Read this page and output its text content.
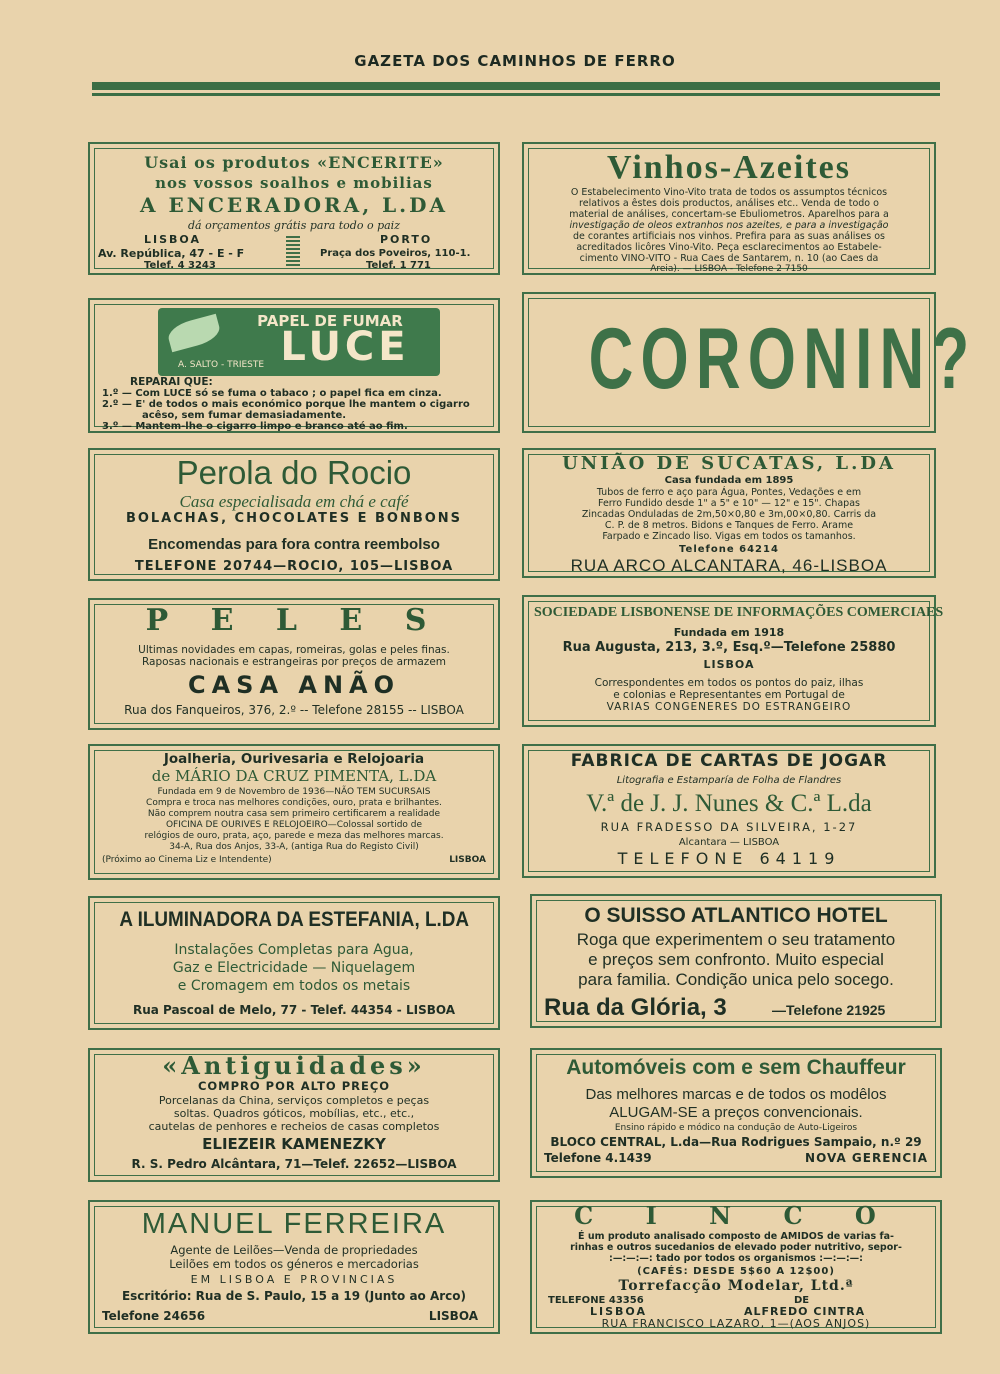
GAZETA DOS CAMINHOS DE FERRO
Usai os produtos «ENCERITE»
nos vossos soalhos e mobilias
A ENCERADORA, L.DA
dá orçamentos grátis para todo o paiz
LISBOA	PORTO
Av. República, 47 - E - F	Praça dos Poveiros, 110-1.
Telef. 4 3243	Telef. 1 771
Vinhos-Azeites
O Estabelecimento Vino-Vito trata de todos os assumptos técnicos
relativos a êstes dois productos, análises etc.. Venda de todo o
material de análises, concertam-se Ebuliometros. Aparelhos para a
investigação de oleos extranhos nos azeites, e para a investigação
de corantes artificiais nos vinhos. Prefira para as suas análises os
acreditados licôres Vino-Vito. Peça esclarecimentos ao Estabele-
cimento VINO-VITO - Rua Caes de Santarem, n. 10 (ao Caes da
Areia). — LISBOA - Telefone 2 7150
PAPEL DE FUMAR
LUCE
A. SALTO - TRIESTE
REPARAI QUE:
1.º — Com LUCE só se fuma o tabaco ; o papel fica em cinza.
2.º — E' de todos o mais económico porque lhe mantem o cigarro
acêso, sem fumar demasiadamente.
3.º — Mantem-lhe o cigarro limpo e branco até ao fim.
CORONIN?
Perola do Rocio
Casa especialisada em chá e café
BOLACHAS, CHOCOLATES E BONBONS
Encomendas para fora contra reembolso
TELEFONE 20744—ROCIO, 105—LISBOA
UNIÃO DE SUCATAS, L.DA
Casa fundada em 1895
Tubos de ferro e aço para Água, Pontes, Vedações e em
Ferro Fundido desde 1" a 5" e 10" — 12" e 15". Chapas
Zincadas Onduladas de 2m,50×0,80 e 3m,00×0,80. Carris da
C. P. de 8 metros. Bidons e Tanques de Ferro. Arame
Farpado e Zincado liso. Vigas em todos os tamanhos.
Telefone 64214
RUA ARCO ALCANTARA, 46-LISBOA
P E L E S
Ultimas novidades em capas, romeiras, golas e peles finas.
Raposas nacionais e estrangeiras por preços de armazem
CASA ANÃO
Rua dos Fanqueiros, 376, 2.º -- Telefone 28155 -- LISBOA
SOCIEDADE LISBONENSE DE INFORMAÇÕES COMERCIAES
Fundada em 1918
Rua Augusta, 213, 3.º, Esq.º—Telefone 25880
LISBOA
Correspondentes em todos os pontos do paiz, ilhas
e colonias e Representantes em Portugal de
VARIAS CONGENERES DO ESTRANGEIRO
Joalheria, Ourivesaria e Relojoaria
de MÁRIO DA CRUZ PIMENTA, L.DA
Fundada em 9 de Novembro de 1936—NÃO TEM SUCURSAIS
Compra e troca nas melhores condições, ouro, prata e brilhantes.
Não comprem noutra casa sem primeiro certificarem a realidade
OFICINA DE OURIVES E RELOJOEIRO—Colossal sortido de
relógios de ouro, prata, aço, parede e meza das melhores marcas.
34-A, Rua dos Anjos, 33-A, (antiga Rua do Registo Civil)
(Próximo ao Cinema Liz e Intendente)	LISBOA
FABRICA DE CARTAS DE JOGAR
Litografia e Estamparía de Folha de Flandres
V.ª de J. J. Nunes & C.ª L.da
RUA FRADESSO DA SILVEIRA, 1-27
Alcantara — LISBOA
TELEFONE 64119
A ILUMINADORA DA ESTEFANIA, L.DA
Instalações Completas para Agua,
Gaz e Electricidade — Niquelagem
e Cromagem em todos os metais
Rua Pascoal de Melo, 77 - Telef. 44354 - LISBOA
O SUISSO ATLANTICO HOTEL
Roga que experimentem o seu tratamento
e preços sem confronto. Muito especial
para familia. Condição unica pelo socego.
Rua da Glória, 3	—Telefone 21925
«Antiguidades»
COMPRO POR ALTO PREÇO
Porcelanas da China, serviços completos e peças
soltas. Quadros góticos, mobílias, etc., etc.,
cautelas de penhores e recheios de casas completos
ELIEZEIR KAMENEZKY
R. S. Pedro Alcântara, 71—Telef. 22652—LISBOA
Automóveis com e sem Chauffeur
Das melhores marcas e de todos os modêlos
ALUGAM-SE a preços convencionais.
Ensino rápido e módico na condução de Auto-Ligeiros
BLOCO CENTRAL, L.da—Rua Rodrigues Sampaio, n.º 29
Telefone 4.1439	NOVA GERENCIA
MANUEL FERREIRA
Agente de Leilões—Venda de propriedades
Leilões em todos os géneros e mercadorias
EM LISBOA E PROVINCIAS
Escritório: Rua de S. Paulo, 15 a 19 (Junto ao Arco)
Telefone 24656	LISBOA
C I N C O
É um produto analisado composto de AMIDOS de varias fa-
rinhas e outros sucedanios de elevado poder nutritivo, sepor-
:—:—:—: tado por todos os organismos :—:—:—:
(CAFÉS: DESDE 5$60 A 12$00)
Torrefacção Modelar, Ltd.ª
TELEFONE 43356	DE
LISBOA	ALFREDO CINTRA
RUA FRANCISCO LAZARO, 1—(AOS ANJOS)
